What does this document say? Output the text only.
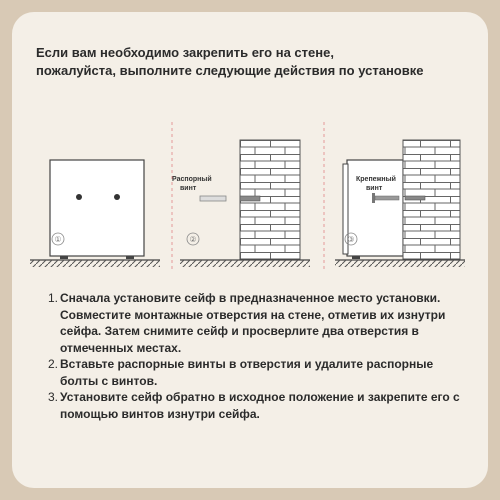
Если вам необходимо закрепить его на стене,
пожалуйста, выполните следующие действия по установке
①	②
Распорный
винт
③
Крепежный
винт
1. Сначала установите сейф в предназначенное место установки. Совместите монтажные отверстия на стене, отметив их изнутри сейфа. Затем снимите сейф и просверлите два отверстия в отмеченных местах.
2. Вставьте распорные винты в отверстия и удалите распорные болты с винтов.
3. Установите сейф обратно в исходное положение и закрепите его с помощью винтов изнутри сейфа.
